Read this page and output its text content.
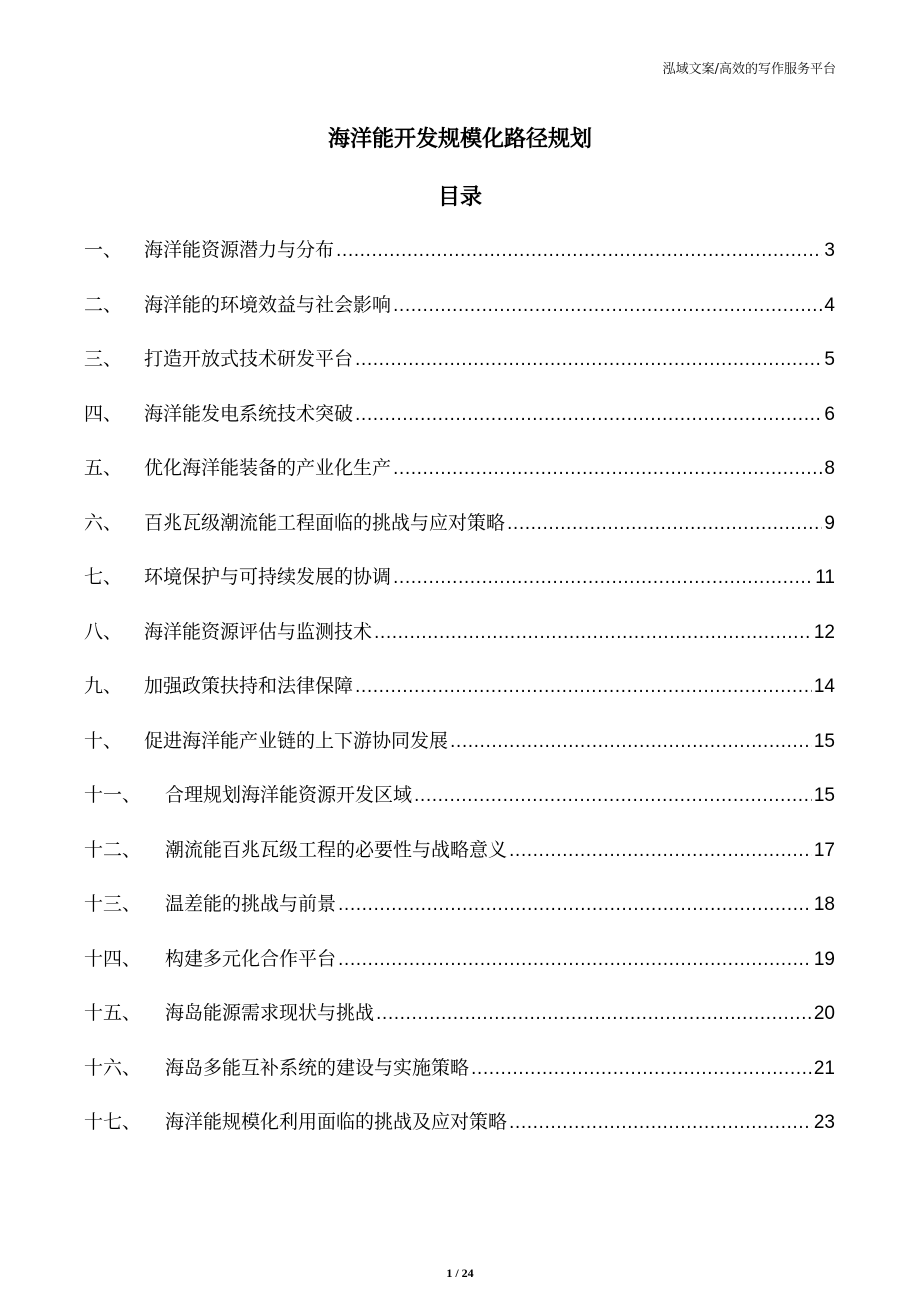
泓域文案/高效的写作服务平台
海洋能开发规模化路径规划
目录
一、	海洋能资源潜力与分布 .....	3
二、	海洋能的环境效益与社会影响 .....	4
三、	打造开放式技术研发平台 .....	5
四、	海洋能发电系统技术突破 .....	6
五、	优化海洋能装备的产业化生产 .....	8
六、	百兆瓦级潮流能工程面临的挑战与应对策略 .....	9
七、	环境保护与可持续发展的协调 .....	11
八、	海洋能资源评估与监测技术 .....	12
九、	加强政策扶持和法律保障 .....	14
十、	促进海洋能产业链的上下游协同发展 .....	15
十一、	合理规划海洋能资源开发区域 .....	15
十二、	潮流能百兆瓦级工程的必要性与战略意义 .....	17
十三、	温差能的挑战与前景 .....	18
十四、	构建多元化合作平台 .....	19
十五、	海岛能源需求现状与挑战 .....	20
十六、	海岛多能互补系统的建设与实施策略 .....	21
十七、	海洋能规模化利用面临的挑战及应对策略 .....	23
1 / 24
